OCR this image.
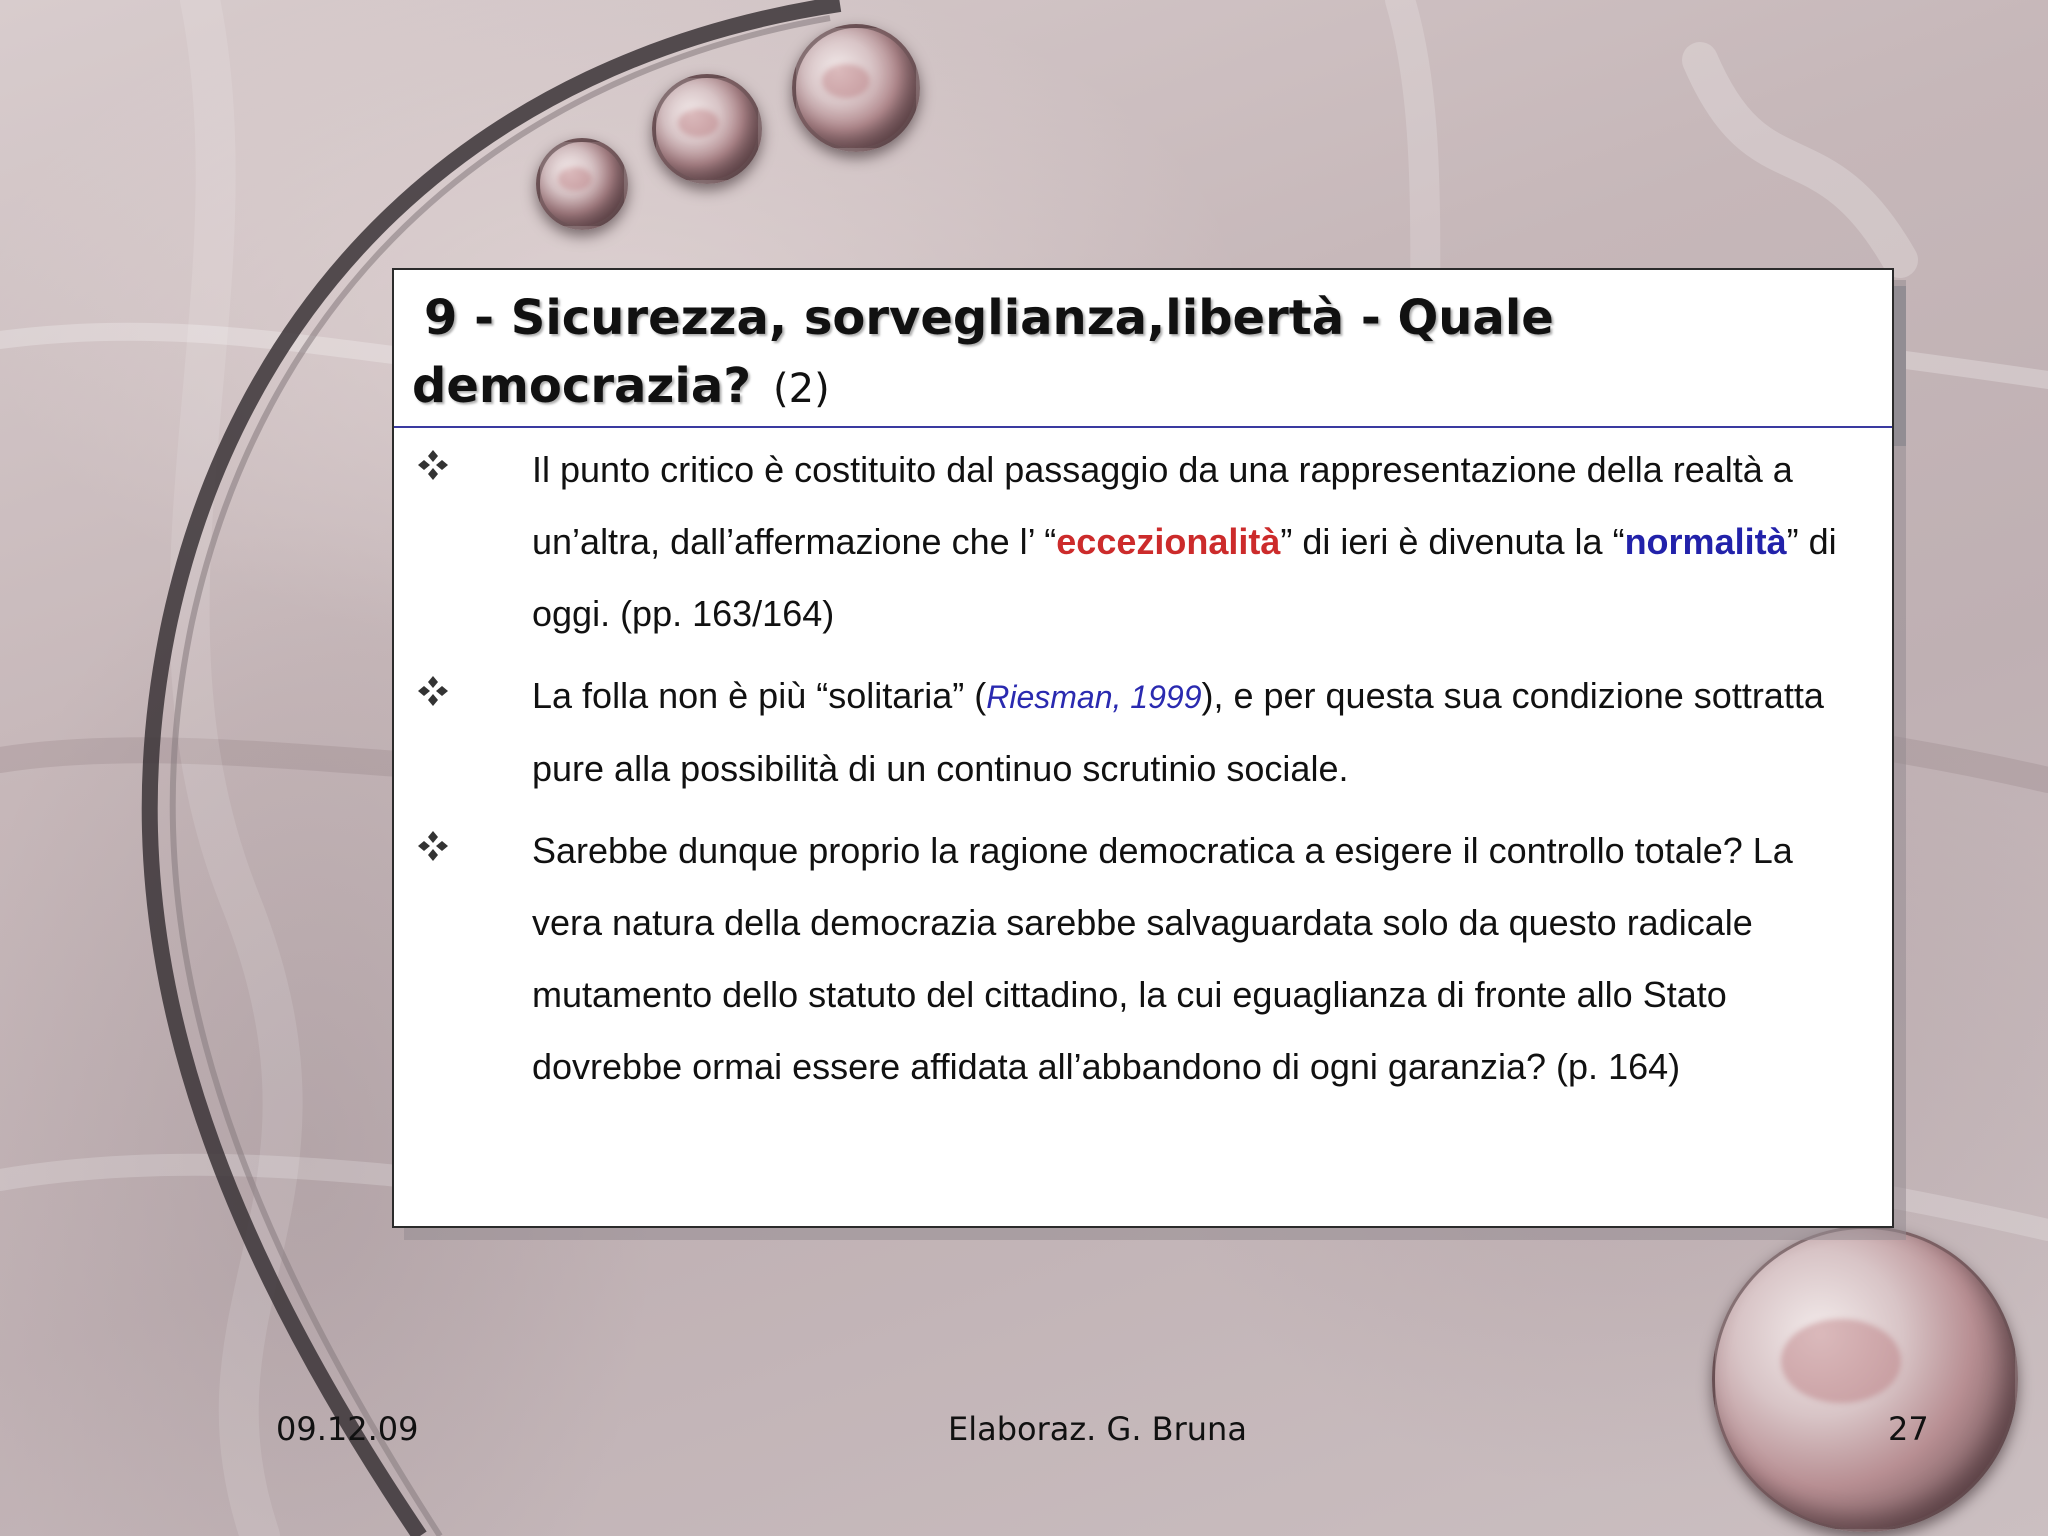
9 - Sicurezza, sorveglianza,libertà - Quale
democrazia? (2)
Il punto critico è costituito dal passaggio da una rappresentazione della realtà a un’altra, dall’affermazione che l’ “eccezionalità” di ieri è divenuta la “normalità” di oggi. (pp. 163/164)
La folla non è più “solitaria” (Riesman, 1999), e per questa sua condizione sottratta pure alla possibilità di un continuo scrutinio sociale.
Sarebbe dunque proprio la ragione democratica a esigere il controllo totale? La vera natura della democrazia sarebbe salvaguardata solo da questo radicale mutamento dello statuto del cittadino, la cui eguaglianza di fronte allo Stato dovrebbe ormai essere affidata all’abbandono di ogni garanzia? (p. 164)
09.12.09	Elaboraz. G. Bruna	27
